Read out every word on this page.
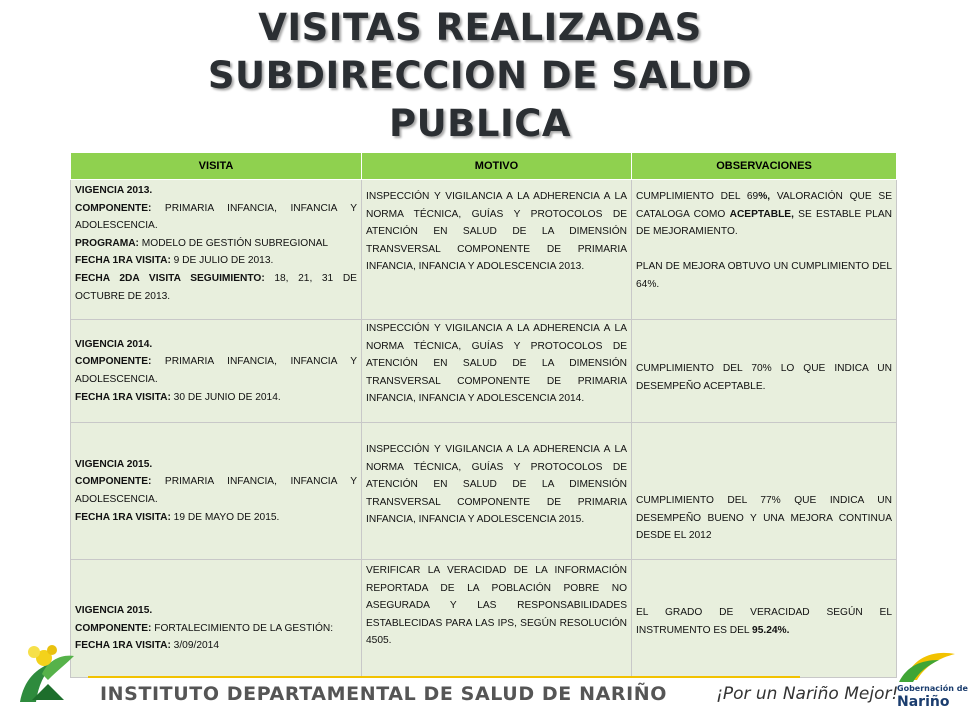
VISITAS REALIZADAS
SUBDIRECCION DE SALUD
PUBLICA
VISITA	MOTIVO	OBSERVACIONES

VIGENCIA 2013.
COMPONENTE: PRIMARIA INFANCIA, INFANCIA Y ADOLESCENCIA.
PROGRAMA: MODELO DE GESTIÓN SUBREGIONAL
FECHA 1RA VISITA: 9 DE JULIO DE 2013.
FECHA 2DA VISITA SEGUIMIENTO: 18, 21, 31 DE OCTUBRE DE 2013.	INSPECCIÓN Y VIGILANCIA A LA ADHERENCIA A LA NORMA TÉCNICA, GUÍAS Y PROTOCOLOS DE ATENCIÓN EN SALUD DE LA DIMENSIÓN TRANSVERSAL COMPONENTE DE PRIMARIA INFANCIA, INFANCIA Y ADOLESCENCIA 2013.	CUMPLIMIENTO DEL 69%, VALORACIÓN QUE SE CATALOGA COMO ACEPTABLE, SE ESTABLE PLAN DE MEJORAMIENTO.
PLAN DE MEJORA OBTUVO UN CUMPLIMIENTO DEL 64%.

VIGENCIA 2014.
COMPONENTE: PRIMARIA INFANCIA, INFANCIA Y ADOLESCENCIA.
FECHA 1RA VISITA: 30 DE JUNIO DE 2014.	INSPECCIÓN Y VIGILANCIA A LA ADHERENCIA A LA NORMA TÉCNICA, GUÍAS Y PROTOCOLOS DE ATENCIÓN EN SALUD DE LA DIMENSIÓN TRANSVERSAL COMPONENTE DE PRIMARIA INFANCIA, INFANCIA Y ADOLESCENCIA 2014.	CUMPLIMIENTO DEL 70% LO QUE INDICA UN DESEMPEÑO ACEPTABLE.

VIGENCIA 2015.
COMPONENTE: PRIMARIA INFANCIA, INFANCIA Y ADOLESCENCIA.
FECHA 1RA VISITA: 19 DE MAYO DE 2015.	INSPECCIÓN Y VIGILANCIA A LA ADHERENCIA A LA NORMA TÉCNICA, GUÍAS Y PROTOCOLOS DE ATENCIÓN EN SALUD DE LA DIMENSIÓN TRANSVERSAL COMPONENTE DE PRIMARIA INFANCIA, INFANCIA Y ADOLESCENCIA 2015.	CUMPLIMIENTO DEL 77% QUE INDICA UN DESEMPEÑO BUENO Y UNA MEJORA CONTINUA DESDE EL 2012

VIGENCIA 2015.
COMPONENTE: FORTALECIMIENTO DE LA GESTIÓN:
FECHA 1RA VISITA: 3/09/2014	VERIFICAR LA VERACIDAD DE LA INFORMACIÓN REPORTADA DE LA POBLACIÓN POBRE NO ASEGURADA Y LAS RESPONSABILIDADES ESTABLECIDAS PARA LAS IPS, SEGÚN RESOLUCIÓN 4505.	EL GRADO DE VERACIDAD SEGÚN EL INSTRUMENTO ES DEL 95.24%.
INSTITUTO DEPARTAMENTAL DE SALUD DE NARIÑO	¡Por un Nariño Mejor!
Gobernación de
Nariño
